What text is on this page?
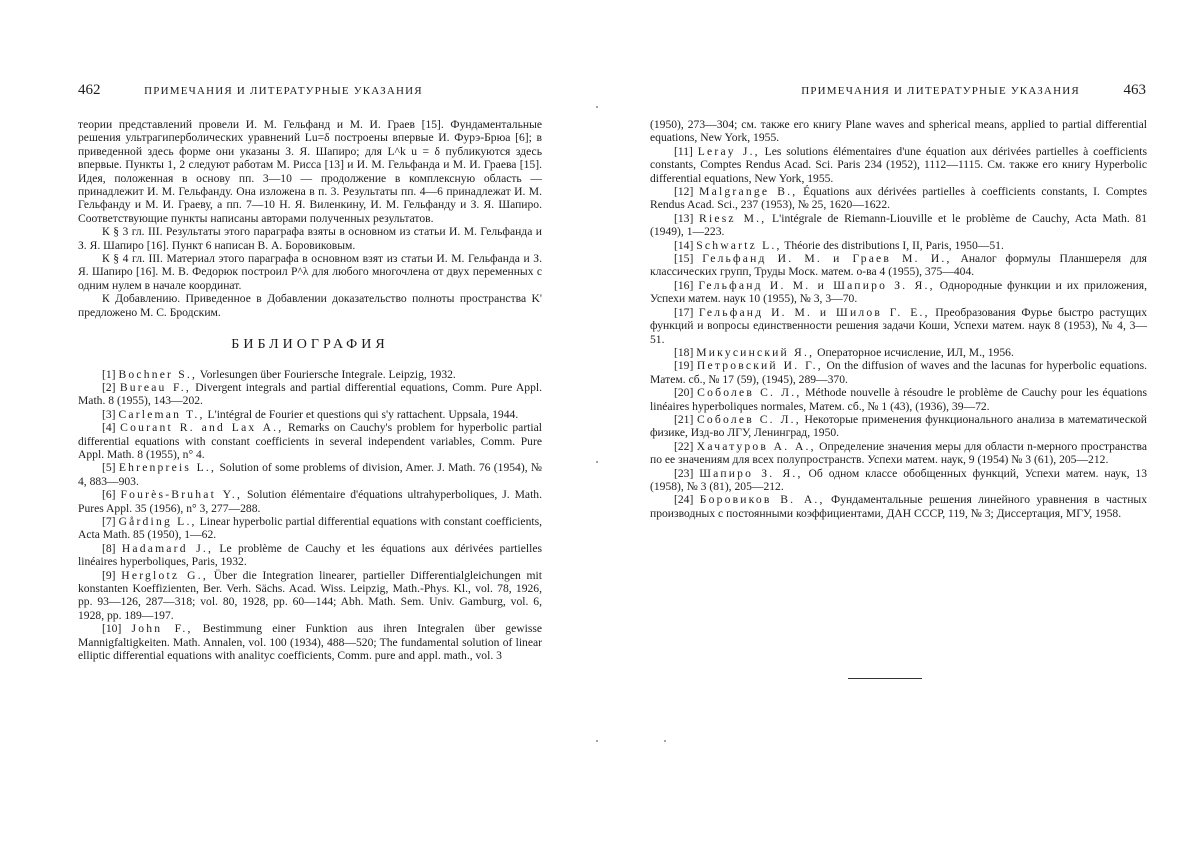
462	ПРИМЕЧАНИЯ И ЛИТЕРАТУРНЫЕ УКАЗАНИЯ

теории представлений провели И. М. Гельфанд и М. И. Граев [15]. Фундаментальные решения ультрагиперболических уравнений Lu=δ построены впервые И. Фурэ-Брюа [6]; в приведенной здесь форме они указаны З. Я. Шапиро; для L^k u = δ публикуются здесь впервые. Пункты 1, 2 следуют работам М. Рисса [13] и И. М. Гельфанда и М. И. Граева [15]. Идея, положенная в основу пп. 3—10 — продолжение в комплексную область — принадлежит И. М. Гельфанду. Она изложена в п. 3. Результаты пп. 4—6 принадлежат И. М. Гельфанду и М. И. Граеву, а пп. 7—10 Н. Я. Виленкину, И. М. Гельфанду и З. Я. Шапиро. Соответствующие пункты написаны авторами полученных результатов.

К § 3 гл. III. Результаты этого параграфа взяты в основном из статьи И. М. Гельфанда и З. Я. Шапиро [16]. Пункт 6 написан В. А. Боровиковым.

К § 4 гл. III. Материал этого параграфа в основном взят из статьи И. М. Гельфанда и З. Я. Шапиро [16]. М. В. Федорюк построил P^λ для любого многочлена от двух переменных с одним нулем в начале координат.

К Добавлению. Приведенное в Добавлении доказательство полноты пространства K' предложено М. С. Бродским.

БИБЛИОГРАФИЯ

[1] Bochner S., Vorlesungen über Fouriersche Integrale. Leipzig, 1932.

[2] Bureau F., Divergent integrals and partial differential equations, Comm. Pure Appl. Math. 8 (1955), 143—202.

[3] Carleman T., L'intégral de Fourier et questions qui s'y rattachent. Uppsala, 1944.

[4] Courant R. and Lax A., Remarks on Cauchy's problem for hyperbolic partial differential equations with constant coefficients in several independent variables, Comm. Pure Appl. Math. 8 (1955), n° 4.

[5] Ehrenpreis L., Solution of some problems of division, Amer. J. Math. 76 (1954), № 4, 883—903.

[6] Fourès-Bruhat Y., Solution élémentaire d'équations ultrahyperboliques, J. Math. Pures Appl. 35 (1956), n° 3, 277—288.

[7] Gårding L., Linear hyperbolic partial differential equations with constant coefficients, Acta Math. 85 (1950), 1—62.

[8] Hadamard J., Le problème de Cauchy et les équations aux dérivées partielles linéaires hyperboliques, Paris, 1932.

[9] Herglotz G., Über die Integration linearer, partieller Differentialgleichungen mit konstanten Koeffizienten, Ber. Verh. Sächs. Acad. Wiss. Leipzig, Math.-Phys. Kl., vol. 78, 1926, pp. 93—126, 287—318; vol. 80, 1928, pp. 60—144; Abh. Math. Sem. Univ. Gamburg, vol. 6, 1928, pp. 189—197.

[10] John F., Bestimmung einer Funktion aus ihren Integralen über gewisse Mannigfaltigkeiten. Math. Annalen, vol. 100 (1934), 488—520; The fundamental solution of linear elliptic differential equations with analityc coefficients, Comm. pure and appl. math., vol. 3

ПРИМЕЧАНИЯ И ЛИТЕРАТУРНЫЕ УКАЗАНИЯ	463

(1950), 273—304; см. также его книгу Plane waves and spherical means, applied to partial differential equations, New York, 1955.

[11] Leray J., Les solutions élémentaires d'une équation aux dérivées partielles à coefficients constants, Comptes Rendus Acad. Sci. Paris 234 (1952), 1112—1115. См. также его книгу Hyperbolic differential equations, New York, 1955.

[12] Malgrange B., Équations aux dérivées partielles à coefficients constants, I. Comptes Rendus Acad. Sci., 237 (1953), № 25, 1620—1622.

[13] Riesz M., L'intégrale de Riemann-Liouville et le problème de Cauchy, Acta Math. 81 (1949), 1—223.

[14] Schwartz L., Théorie des distributions I, II, Paris, 1950—51.

[15] Гельфанд И. М. и Граев М. И., Аналог формулы Планшереля для классических групп, Труды Моск. матем. о-ва 4 (1955), 375—404.

[16] Гельфанд И. М. и Шапиро З. Я., Однородные функции и их приложения, Успехи матем. наук 10 (1955), № 3, 3—70.

[17] Гельфанд И. М. и Шилов Г. Е., Преобразования Фурье быстро растущих функций и вопросы единственности решения задачи Коши, Успехи матем. наук 8 (1953), № 4, 3—51.

[18] Микусинский Я., Операторное исчисление, ИЛ, М., 1956.

[19] Петровский И. Г., On the diffusion of waves and the lacunas for hyperbolic equations. Матем. сб., № 17 (59), (1945), 289—370.

[20] Соболев С. Л., Méthode nouvelle à résoudre le problème de Cauchy pour les équations linéaires hyperboliques normales, Матем. сб., № 1 (43), (1936), 39—72.

[21] Соболев С. Л., Некоторые применения функционального анализа в математической физике, Изд-во ЛГУ, Ленинград, 1950.

[22] Хачатуров А. А., Определение значения меры для области n-мерного пространства по ее значениям для всех полупространств. Успехи матем. наук, 9 (1954) № 3 (61), 205—212.

[23] Шапиро З. Я., Об одном классе обобщенных функций, Успехи матем. наук, 13 (1958), № 3 (81), 205—212.

[24] Боровиков В. А., Фундаментальные решения линейного уравнения в частных производных с постоянными коэффициентами, ДАН СССР, 119, № 3; Диссертация, МГУ, 1958.
